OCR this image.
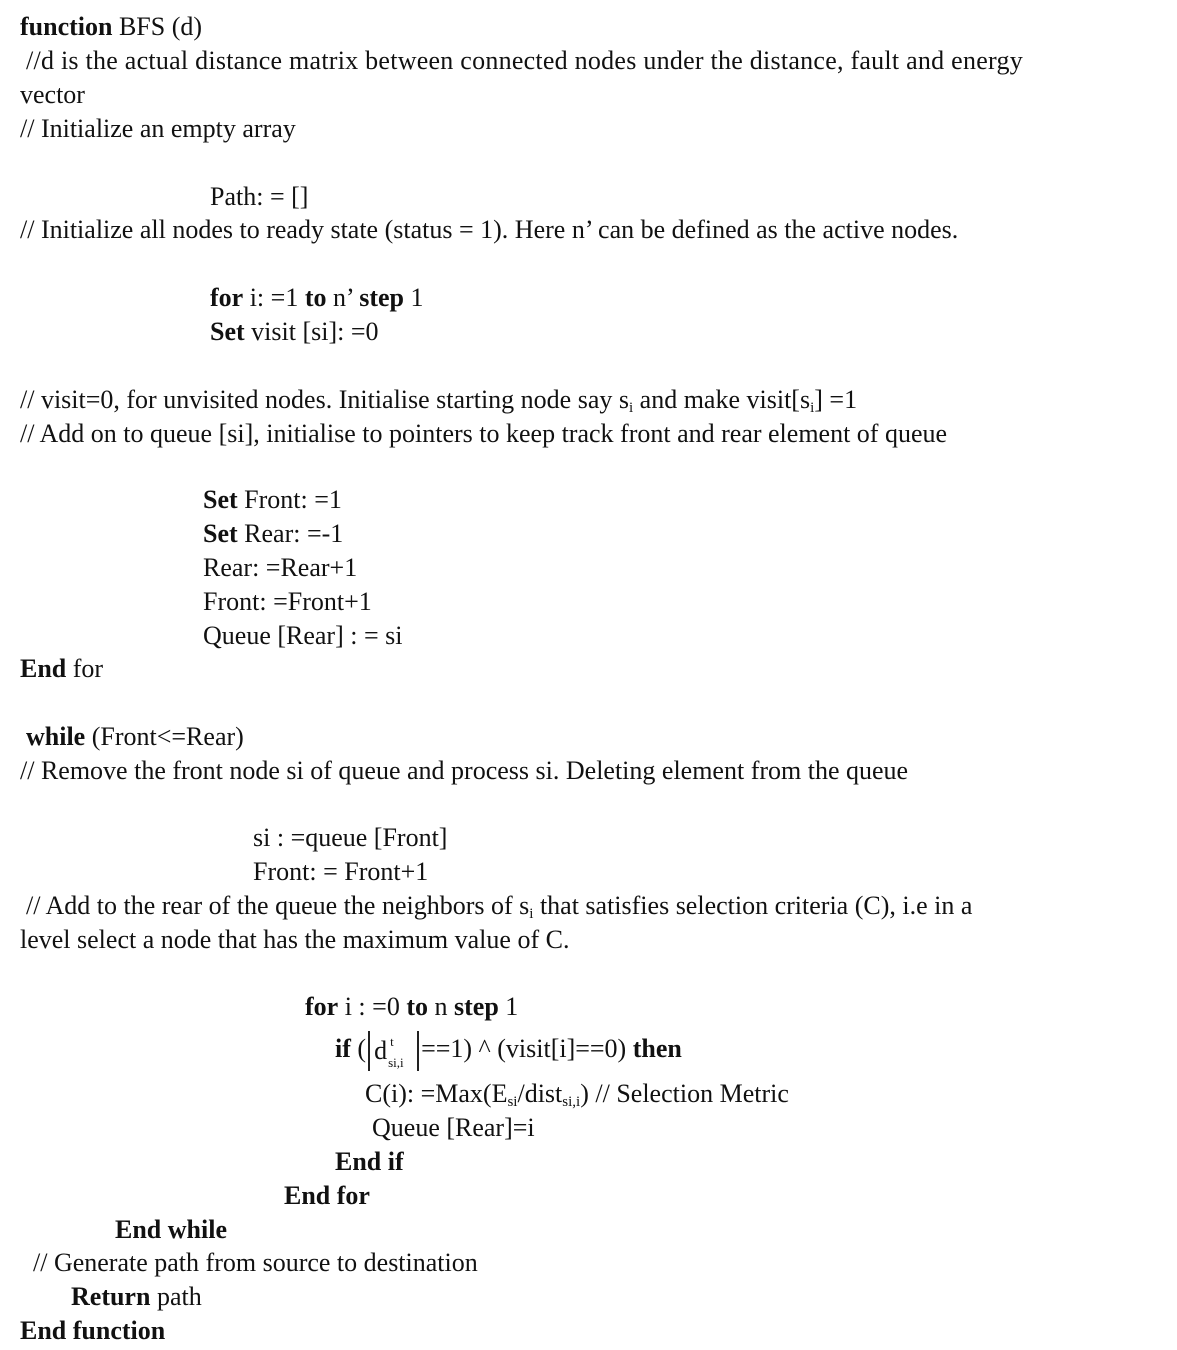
function BFS (d)
//d is the actual distance matrix between connected nodes under the distance, fault and energy
vector
// Initialize an empty array
Path: = []
// Initialize all nodes to ready state (status = 1). Here n’ can be defined as the active nodes.
for i: =1 to n’ step 1
Set visit [si]: =0
// visit=0, for unvisited nodes. Initialise starting node say $s_i$ and make $visit[s_i] =1$
// Add on to queue [si], initialise to pointers to keep track front and rear element of queue
Set Front: =1
Set Rear: =-1
Rear: =Rear+1
Front: =Front+1
Queue [Rear] : = si
End for
while (Front<=Rear)
// Remove the front node si of queue and process si. Deleting element from the queue
si : =queue [Front]
Front: = Front+1
// Add to the rear of the queue the neighbors of $s_i$ that satisfies selection criteria (C), i.e in a
level select a node that has the maximum value of C.
for i : =0 to n step 1
if ( d t
si,i ==1) ^ (visit[i]==0) then
C(i): $=Max(E_{si}/dist_{si,i})$ // Selection Metric
Queue [Rear]=i
End if
End for
End while
// Generate path from source to destination
Return path
End function
